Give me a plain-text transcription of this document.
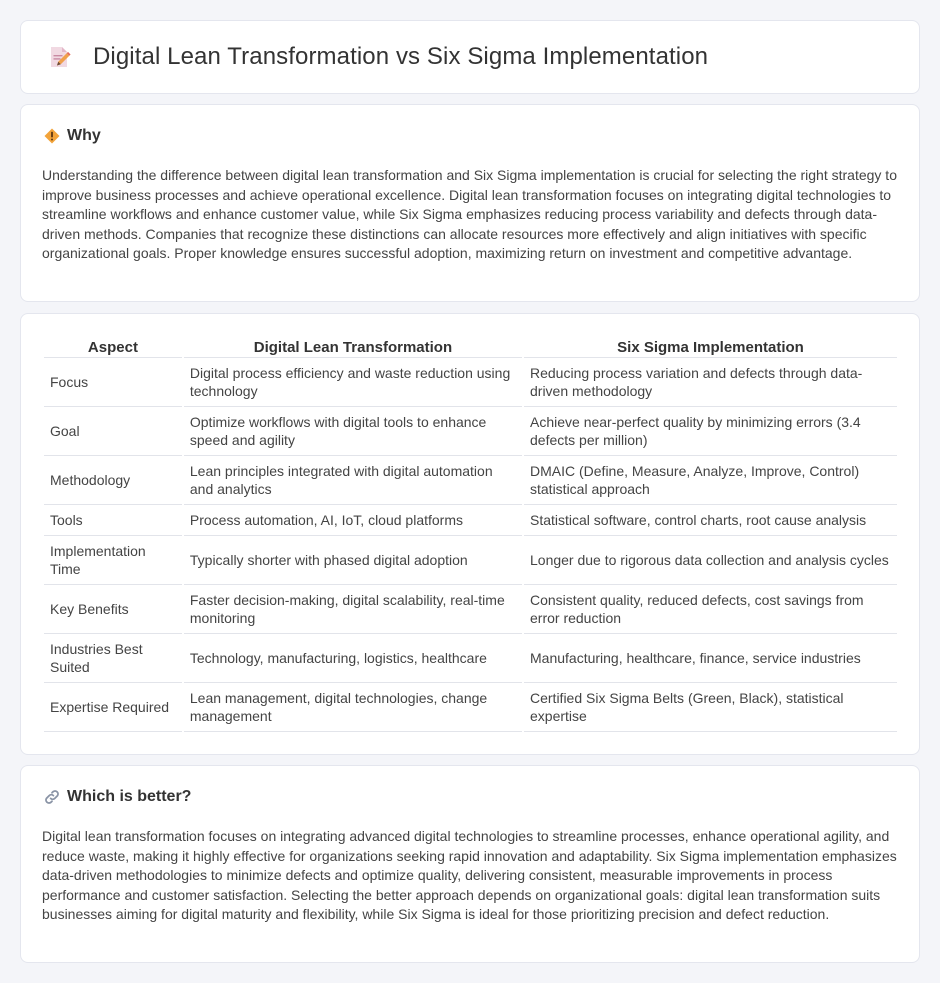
Digital Lean Transformation vs Six Sigma Implementation
Why

Understanding the difference between digital lean transformation and Six Sigma implementation is crucial for selecting the right strategy to improve business processes and achieve operational excellence. Digital lean transformation focuses on integrating digital technologies to streamline workflows and enhance customer value, while Six Sigma emphasizes reducing process variability and defects through data-driven methods. Companies that recognize these distinctions can allocate resources more effectively and align initiatives with specific organizational goals. Proper knowledge ensures successful adoption, maximizing return on investment and competitive advantage.

Aspect	Digital Lean Transformation	Six Sigma Implementation
Focus	Digital process efficiency and waste reduction using technology	Reducing process variation and defects through data-driven methodology
Goal	Optimize workflows with digital tools to enhance speed and agility	Achieve near-perfect quality by minimizing errors (3.4 defects per million)
Methodology	Lean principles integrated with digital automation and analytics	DMAIC (Define, Measure, Analyze, Improve, Control) statistical approach
Tools	Process automation, AI, IoT, cloud platforms	Statistical software, control charts, root cause analysis
Implementation Time	Typically shorter with phased digital adoption	Longer due to rigorous data collection and analysis cycles
Key Benefits	Faster decision-making, digital scalability, real-time monitoring	Consistent quality, reduced defects, cost savings from error reduction
Industries Best Suited	Technology, manufacturing, logistics, healthcare	Manufacturing, healthcare, finance, service industries
Expertise Required	Lean management, digital technologies, change management	Certified Six Sigma Belts (Green, Black), statistical expertise
Which is better?

Digital lean transformation focuses on integrating advanced digital technologies to streamline processes, enhance operational agility, and reduce waste, making it highly effective for organizations seeking rapid innovation and adaptability. Six Sigma implementation emphasizes data-driven methodologies to minimize defects and optimize quality, delivering consistent, measurable improvements in process performance and customer satisfaction. Selecting the better approach depends on organizational goals: digital lean transformation suits businesses aiming for digital maturity and flexibility, while Six Sigma is ideal for those prioritizing precision and defect reduction.
